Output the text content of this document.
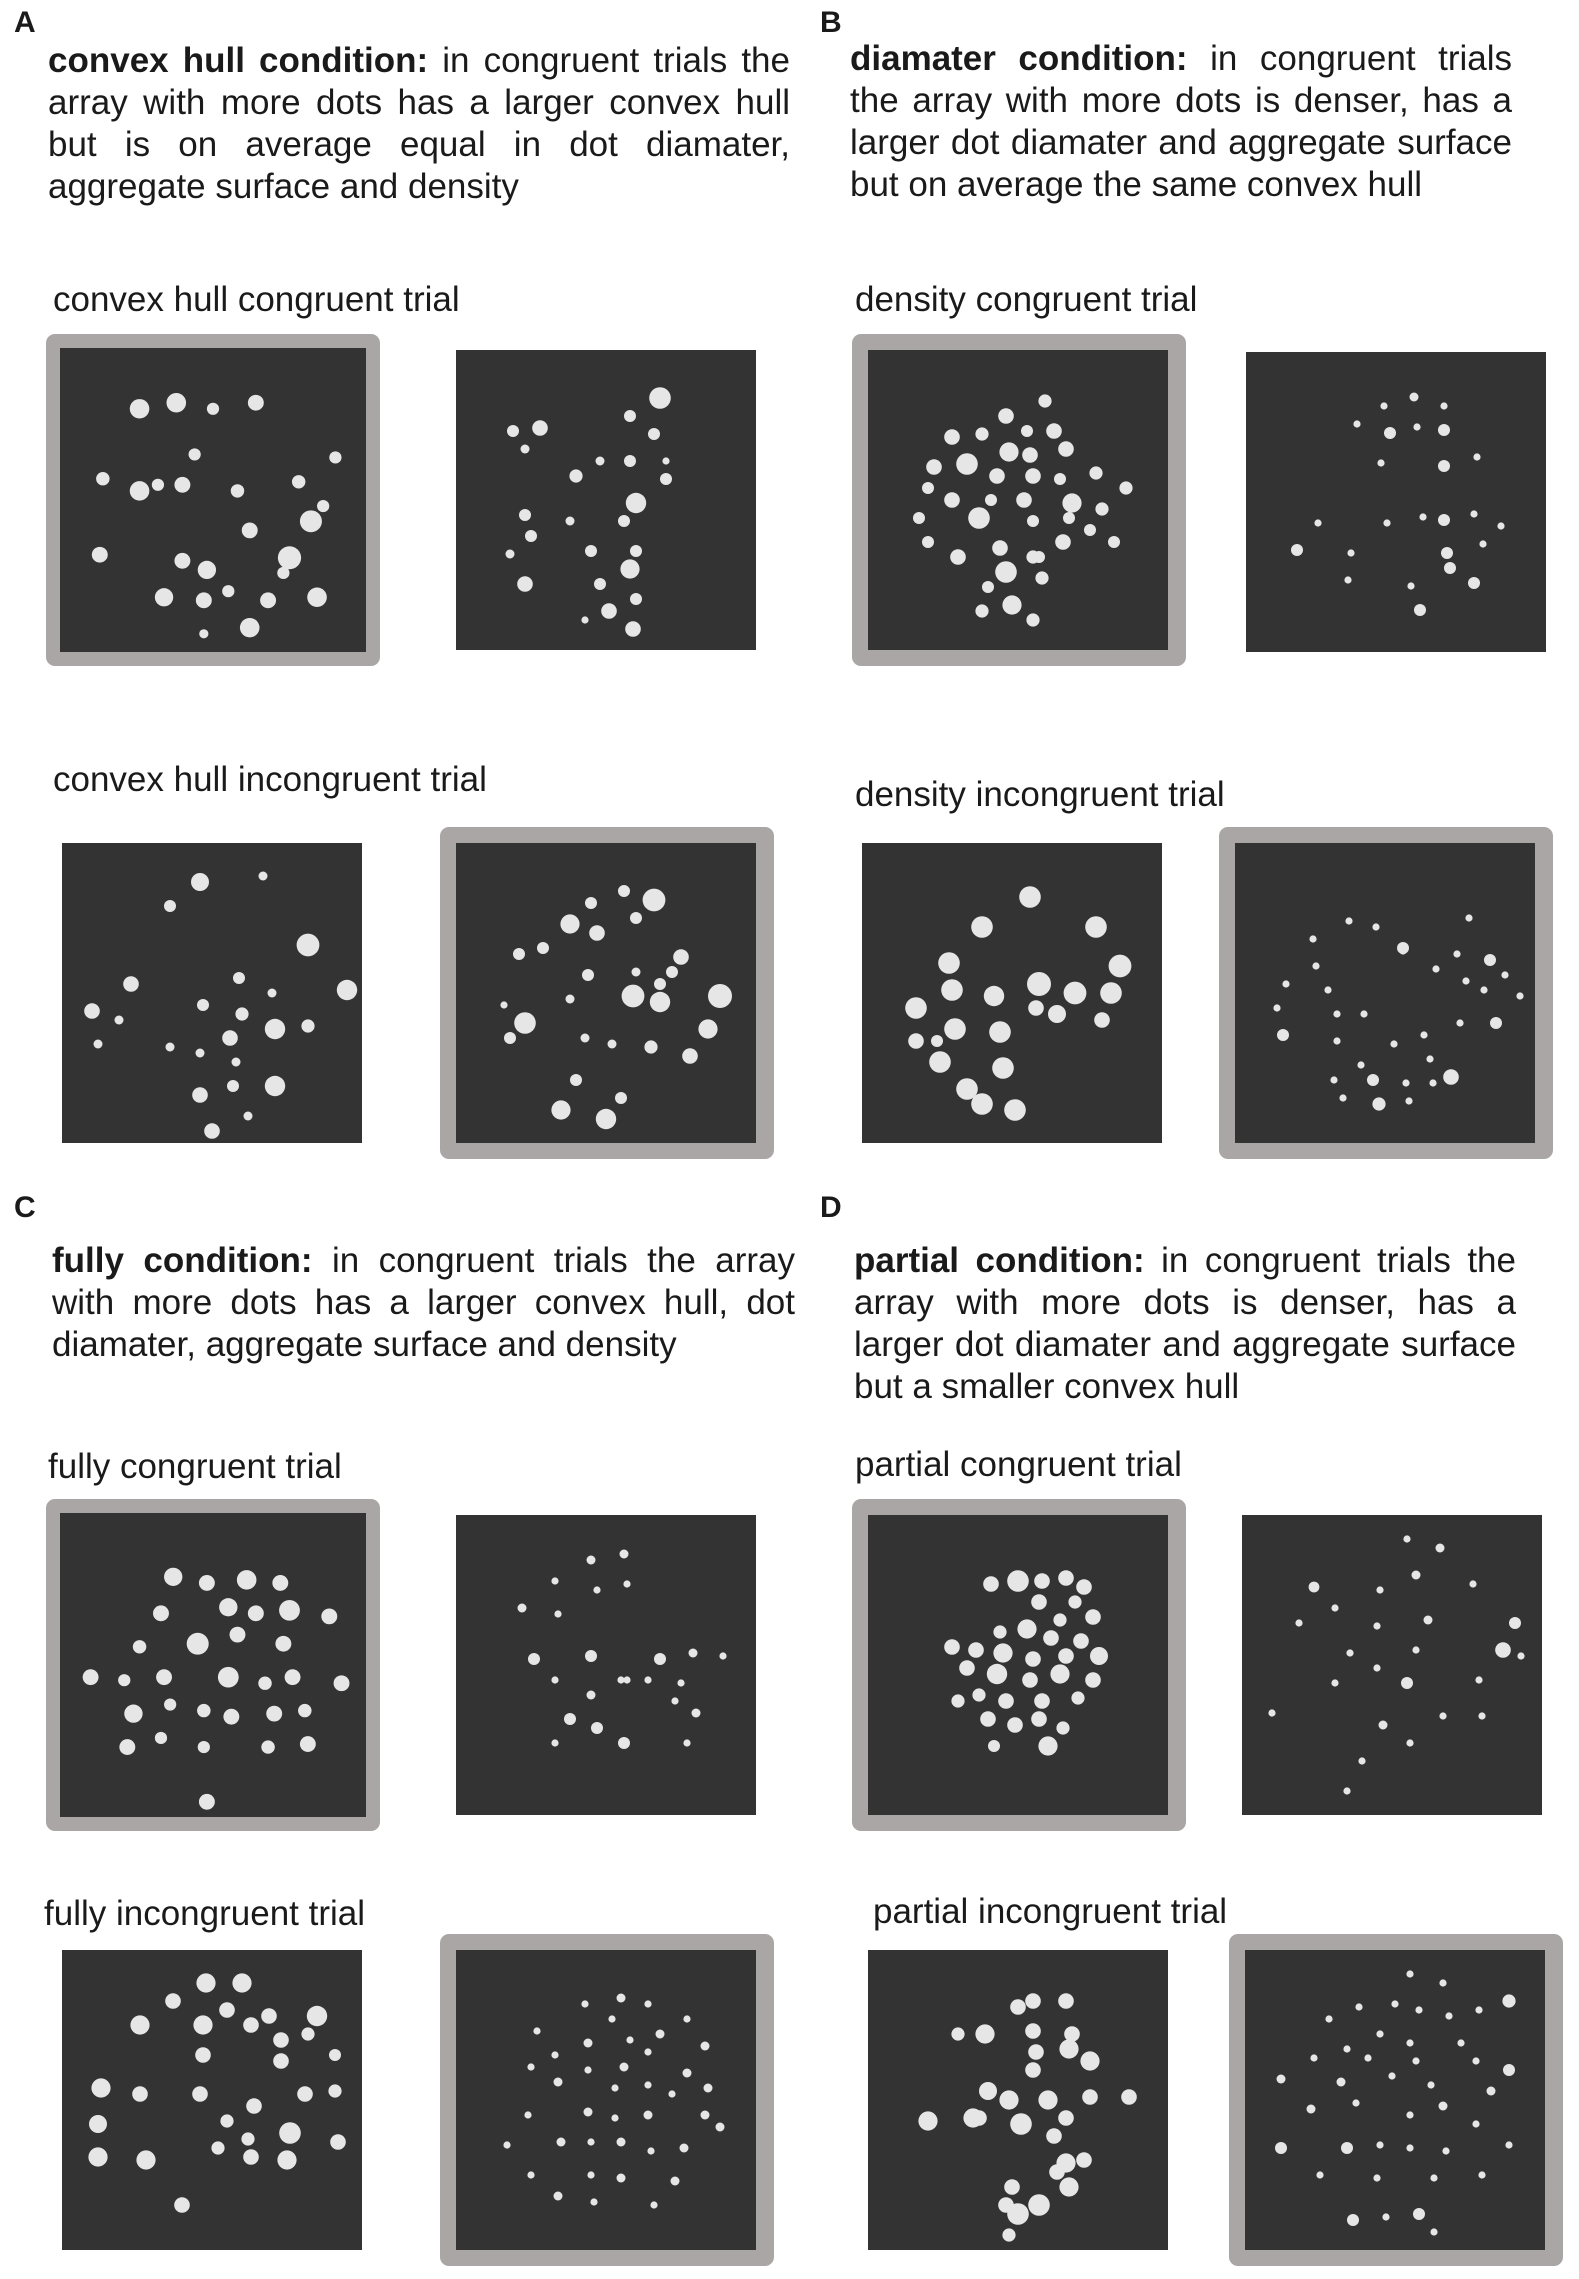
A	B
C	D
convex hull condition: in congruent trials the array with more dots has a larger convex hull but is on average equal in dot diamater, aggregate surface and density
diamater condition: in congruent trials the array with more dots is denser, has a larger dot diamater and aggregate surface but on average the same convex hull
fully condition: in congruent trials the array with more dots has a larger convex hull, dot diamater, aggregate surface and density
partial condition: in congruent trials the array with more dots is denser, has a larger dot diamater and aggregate surface but a smaller convex hull
convex hull congruent trial	density congruent trial
convex hull incongruent trial	density incongruent trial
fully congruent trial	partial congruent trial
fully incongruent trial	partial incongruent trial
